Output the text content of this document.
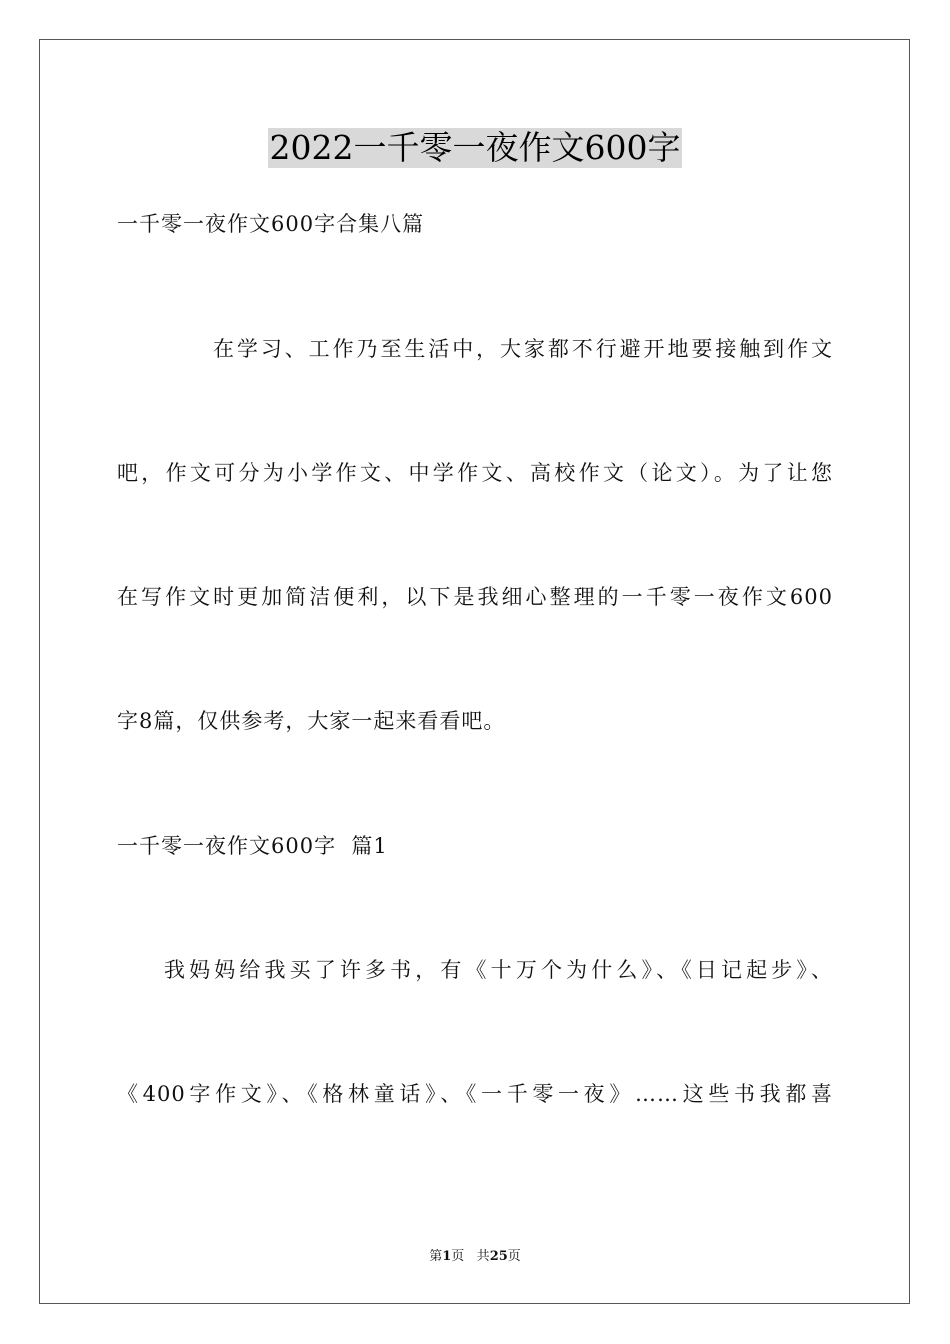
2022一千零一夜作文600字
一千零一夜作文600字合集八篇
在学习、工作乃至生活中，大家都不行避开地要接触到作文
吧，作文可分为小学作文、中学作文、高校作文（论文）。为了让您
在写作文时更加简洁便利，以下是我细心整理的一千零一夜作文600
字8篇，仅供参考，大家一起来看看吧。
一千零一夜作文600字  篇1
我妈妈给我买了许多书，有《十万个为什么》、《日记起步》、
《400字作文》、《格林童话》、《一千零一夜》……这些书我都喜
第1页 共25页
